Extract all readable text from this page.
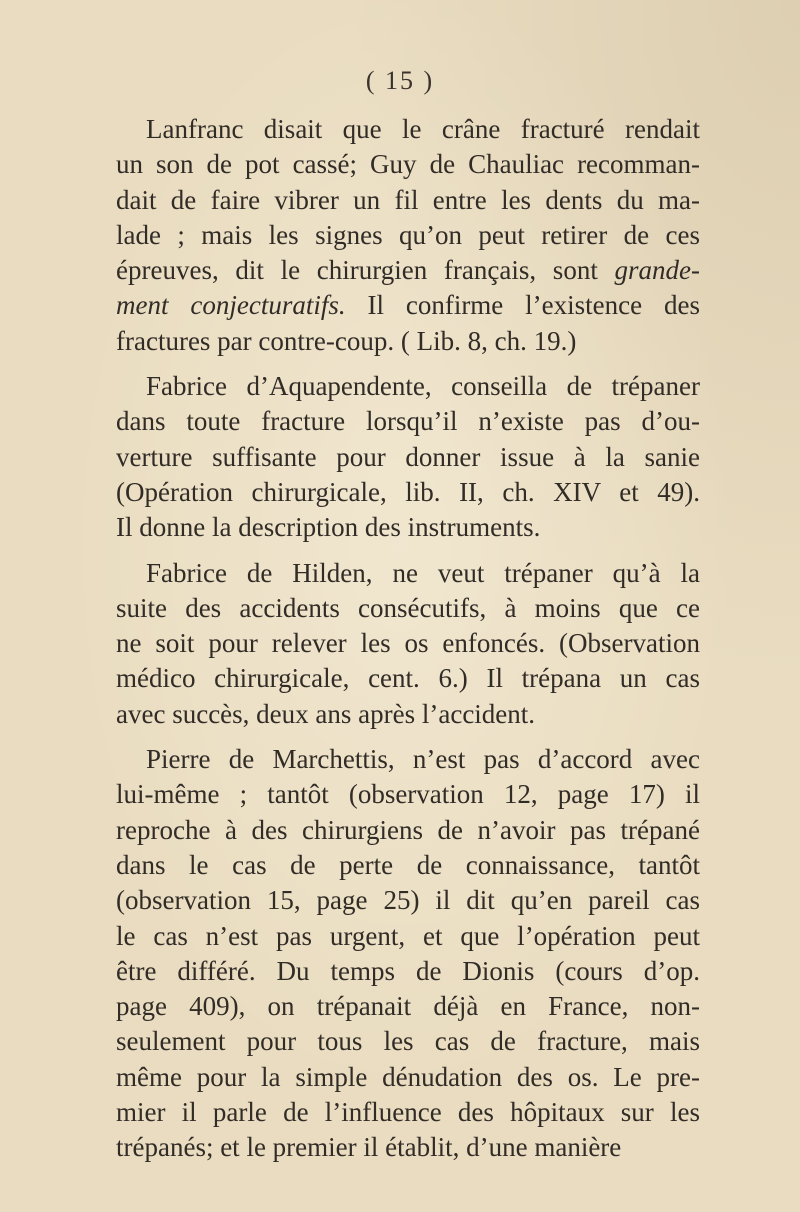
( 15 )
Lanfranc disait que le crâne fracturé rendait
un son de pot cassé; Guy de Chauliac recomman-
dait de faire vibrer un fil entre les dents du ma-
lade ; mais les signes qu’on peut retirer de ces
épreuves, dit le chirurgien français, sont grande-
ment conjecturatifs. Il confirme l’existence des
fractures par contre-coup. ( Lib. 8, ch. 19.)
Fabrice d’Aquapendente, conseilla de trépaner
dans toute fracture lorsqu’il n’existe pas d’ou-
verture suffisante pour donner issue à la sanie
(Opération chirurgicale, lib. II, ch. XIV et 49).
Il donne la description des instruments.
Fabrice de Hilden, ne veut trépaner qu’à la
suite des accidents consécutifs, à moins que ce
ne soit pour relever les os enfoncés. (Observation
médico chirurgicale, cent. 6.) Il trépana un cas
avec succès, deux ans après l’accident.
Pierre de Marchettis, n’est pas d’accord avec
lui-même ; tantôt (observation 12, page 17) il
reproche à des chirurgiens de n’avoir pas trépané
dans le cas de perte de connaissance, tantôt
(observation 15, page 25) il dit qu’en pareil cas
le cas n’est pas urgent, et que l’opération peut
être différé. Du temps de Dionis (cours d’op.
page 409), on trépanait déjà en France, non-
seulement pour tous les cas de fracture, mais
même pour la simple dénudation des os. Le pre-
mier il parle de l’influence des hôpitaux sur les
trépanés; et le premier il établit, d’une manière
